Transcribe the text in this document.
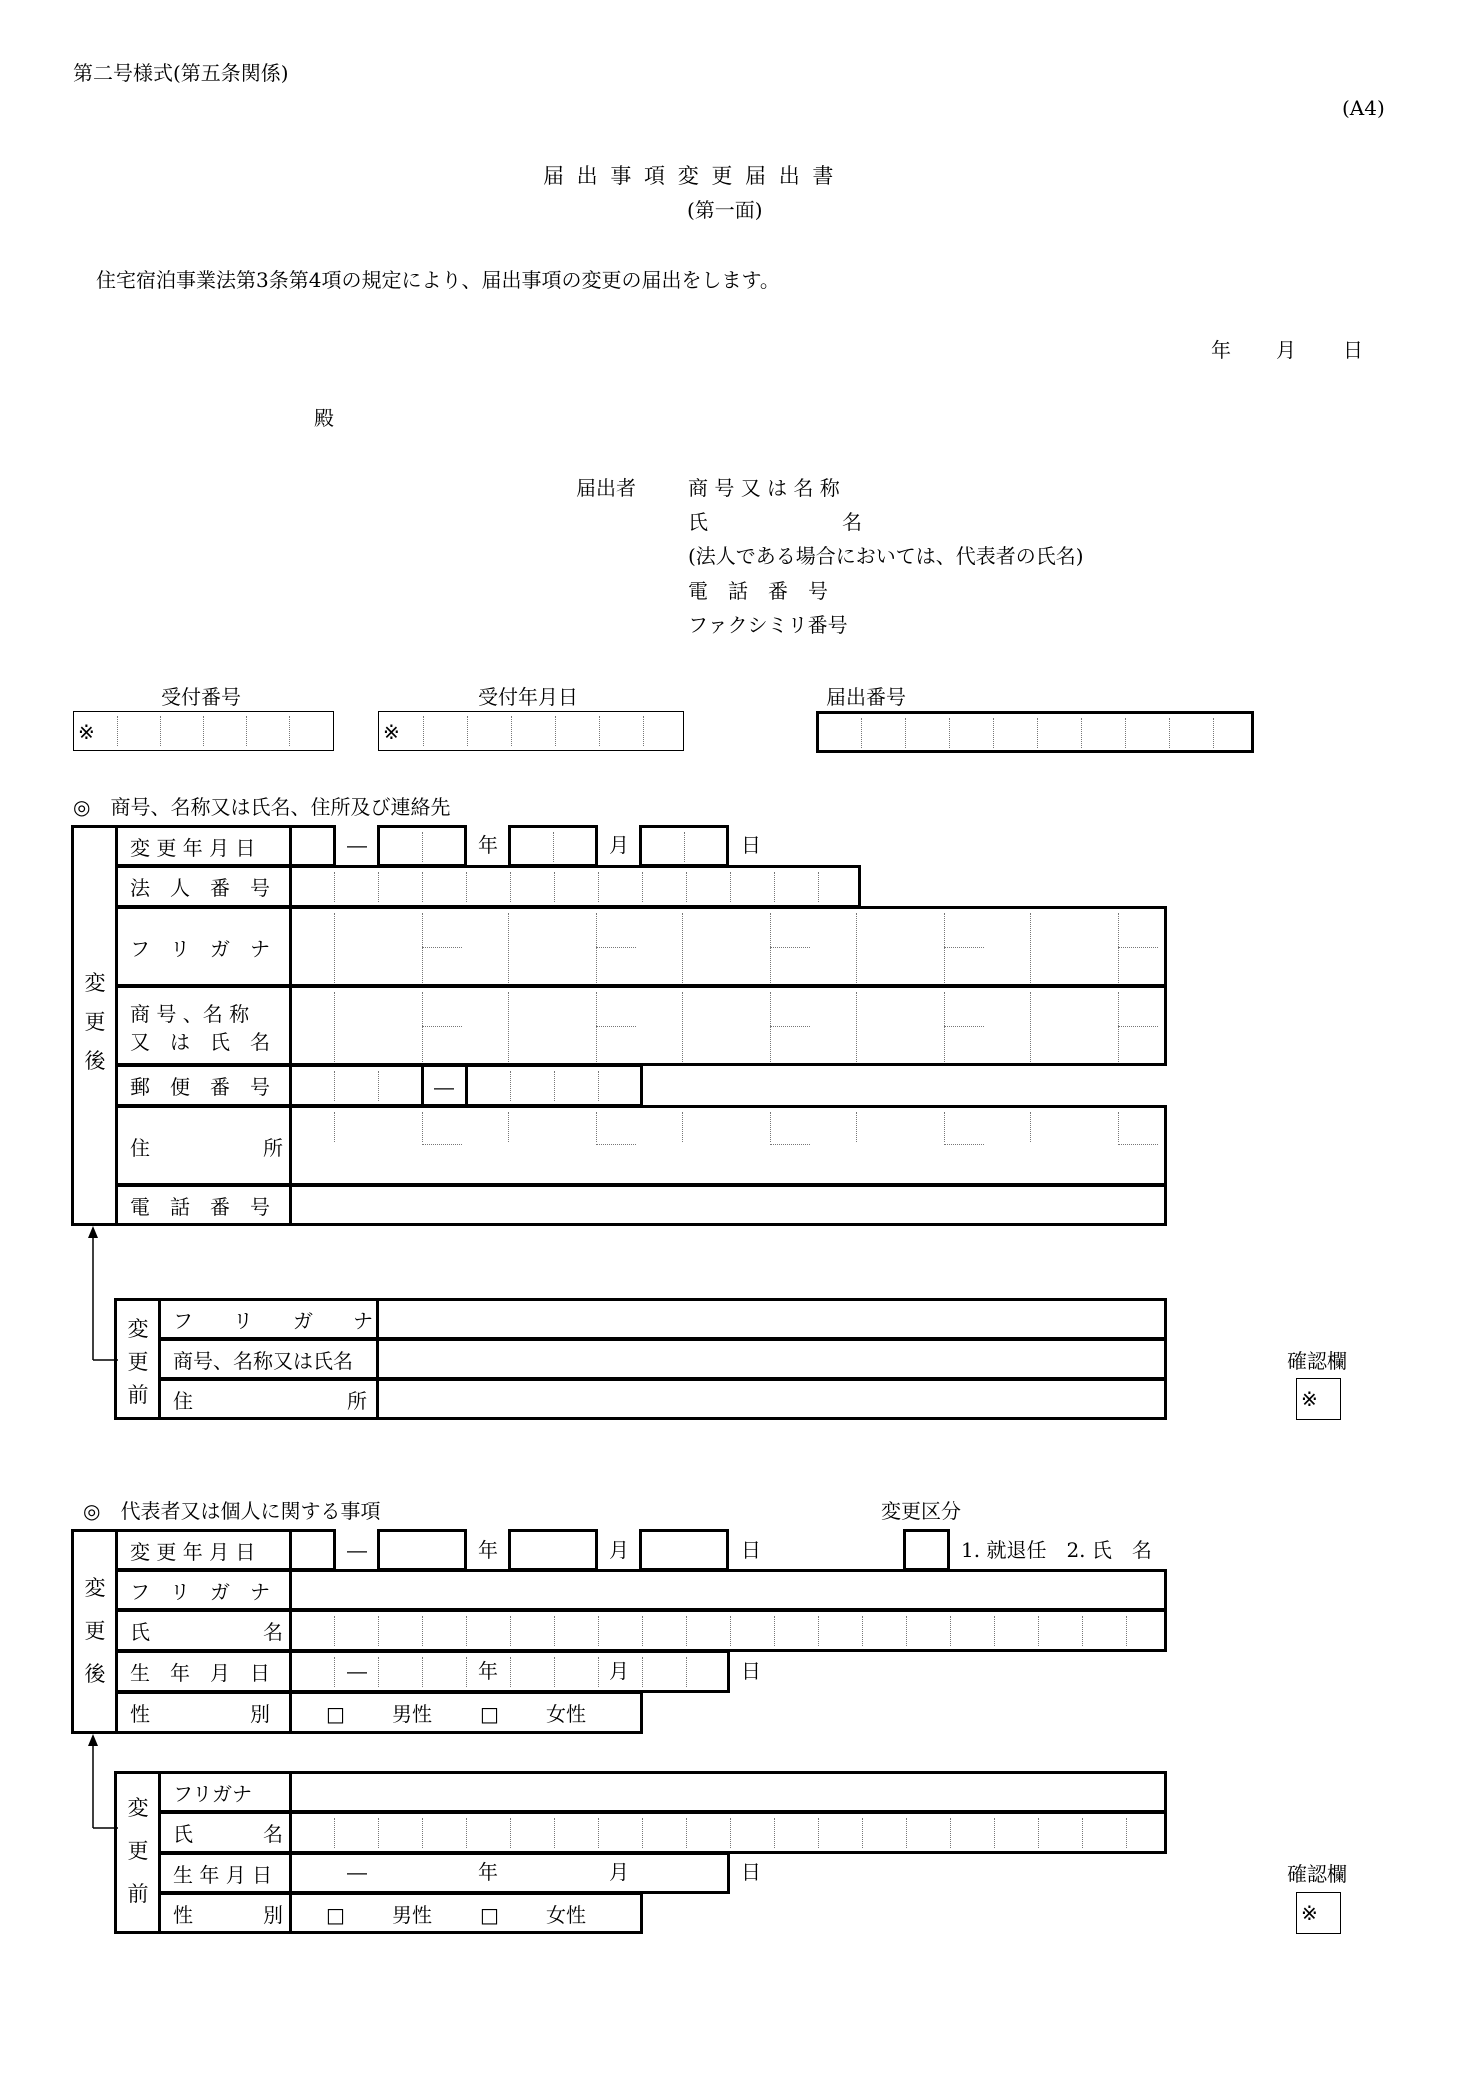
第二号様式(第五条関係)
(A4)
届 出 事 項 変 更 届 出 書
(第一面)
住宅宿泊事業法第3条第4項の規定により、届出事項の変更の届出をします。
年 月 日
殿
届出者	商 号 又 は 名 称
氏	名
(法人である場合においては、代表者の氏名)
電　話　番　号
ファクシミリ番号
受付番号
※
受付年月日
※
届出番号
◎　商号、名称又は氏名、住所及び連絡先
変
更
後
変 更 年 月 日	―	年	月	日
法　人　番　号
フ　リ　ガ　ナ
商 号 、名 称
又　は　氏　名
郵　便　番　号	―
住	所
電　話　番　号
変
更
前
フ　　リ　　ガ　　ナ
商号、名称又は氏名
住	所
確認欄
※
◎　代表者又は個人に関する事項	変更区分
変
更
後
変 更 年 月 日	―	年	月	日	1. 就退任　2. 氏　名
フ　リ　ガ　ナ
氏	名
生　年　月　日	―	年	月	日
性　　　　　別	□ 男性 □ 女性
変
更
前
フリガナ
氏	名
生 年 月 日	―	年	月	日
性	別 □ 男性 □ 女性
確認欄
※
